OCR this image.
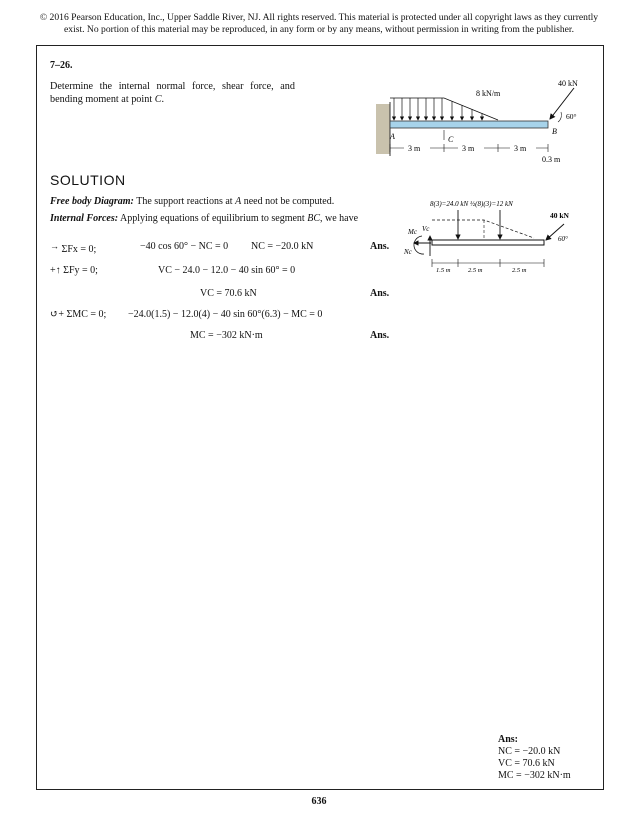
© 2016 Pearson Education, Inc., Upper Saddle River, NJ. All rights reserved. This material is protected under all copyright laws as they currently
exist. No portion of this material may be reproduced, in any form or by any means, without permission in writing from the publisher.
7–26.
Determine the internal normal force, shear force, and bending moment at point C.
8 kN/m
40 kN
60°
A	C
B
3 m	3 m	3 m
0.3 m
SOLUTION
Free body Diagram: The support reactions at A need not be computed.
Internal Forces: Applying equations of equilibrium to segment BC, we have
→ ΣFx = 0;	−40 cos 60° − NC = 0 NC = −20.0 kN	Ans.
+↑ ΣFy = 0;	VC − 24.0 − 12.0 − 40 sin 60° = 0
VC = 70.6 kN	Ans.
↺+ ΣMC = 0; −24.0(1.5) − 12.0(4) − 40 sin 60°(6.3) − MC = 0
MC = −302 kN·m	Ans.
8(3)=24.0 kN ½(8)(3)=12 kN
40 kN
60°
Mc Vc
Nc
1.5 m	2.5 m	2.5 m
Ans:
NC = −20.0 kN
VC = 70.6 kN
MC = −302 kN·m
636
